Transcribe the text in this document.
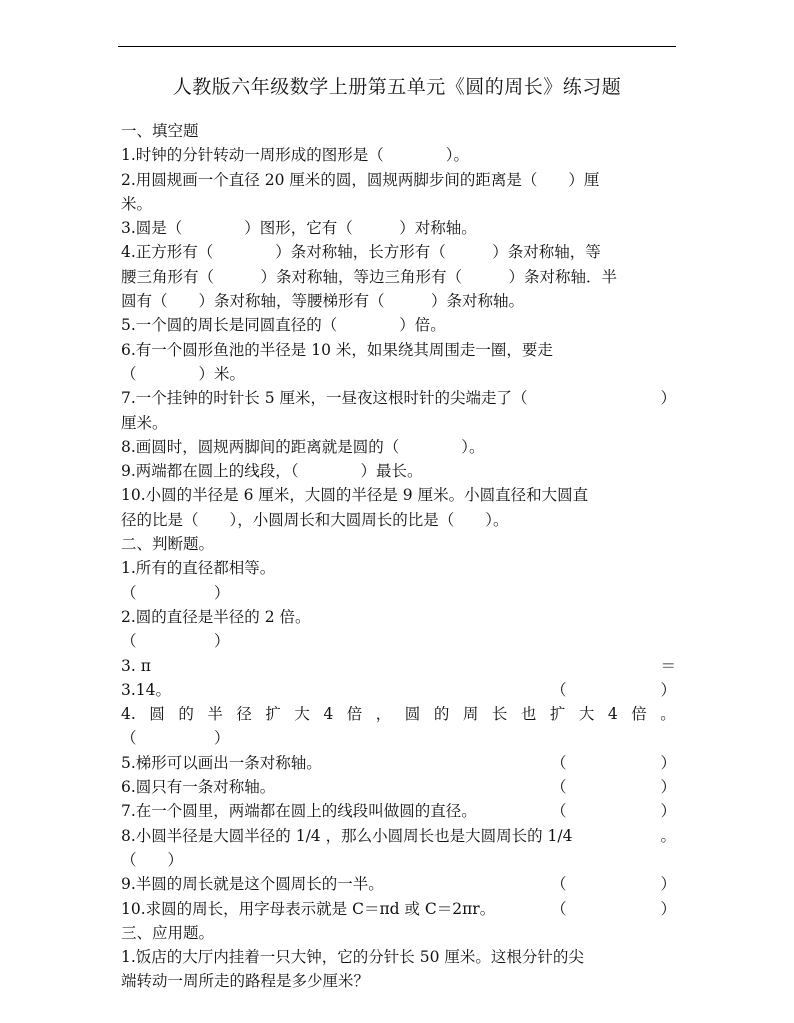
人教版六年级数学上册第五单元《圆的周长》练习题
一、填空题
1.时钟的分针转动一周形成的图形是（　　　　）。
2.用圆规画一个直径 20 厘米的圆，圆规两脚步间的距离是（　　）厘
米。
3.圆是（　　　　）图形，它有（　　　）对称轴。
4.正方形有（　　　　）条对称轴，长方形有（　　　）条对称轴，等
腰三角形有（　　　）条对称轴，等边三角形有（　　　）条对称轴．半
圆有（　　）条对称轴，等腰梯形有（　　　）条对称轴。
5.一个圆的周长是同圆直径的（　　　　）倍。
6.有一个圆形鱼池的半径是 10 米，如果绕其周围走一圈，要走
（　　　　）米。
7.一个挂钟的时针长 5 厘米，一昼夜这根时针的尖端走了（	）
厘米。
8.画圆时，圆规两脚间的距离就是圆的（　　　　）。
9.两端都在圆上的线段，（　　　　）最长。
10.小圆的半径是 6 厘米，大圆的半径是 9 厘米。小圆直径和大圆直
径的比是（　　），小圆周长和大圆周长的比是（　　）。
二、判断题。
1.所有的直径都相等。
（　　　　　）
2.圆的直径是半径的 2 倍。
（　　　　　）
3. π	＝
3.14。	（	）
4. 圆 的 半 径 扩 大 4 倍 ， 圆 的 周 长 也 扩 大 4 倍 。
（　　　　　）
5.梯形可以画出一条对称轴。	（	）
6.圆只有一条对称轴。	（	）
7.在一个圆里，两端都在圆上的线段叫做圆的直径。	（	）
8.小圆半径是大圆半径的 1/4 ，那么小圆周长也是大圆周长的 1/4	。
（　　）
9.半圆的周长就是这个圆周长的一半。	（	）
10.求圆的周长，用字母表示就是 C＝πd 或 C＝2πr。	（	）
三、应用题。
1.饭店的大厅内挂着一只大钟，它的分针长 50 厘米。这根分针的尖
端转动一周所走的路程是多少厘米？
